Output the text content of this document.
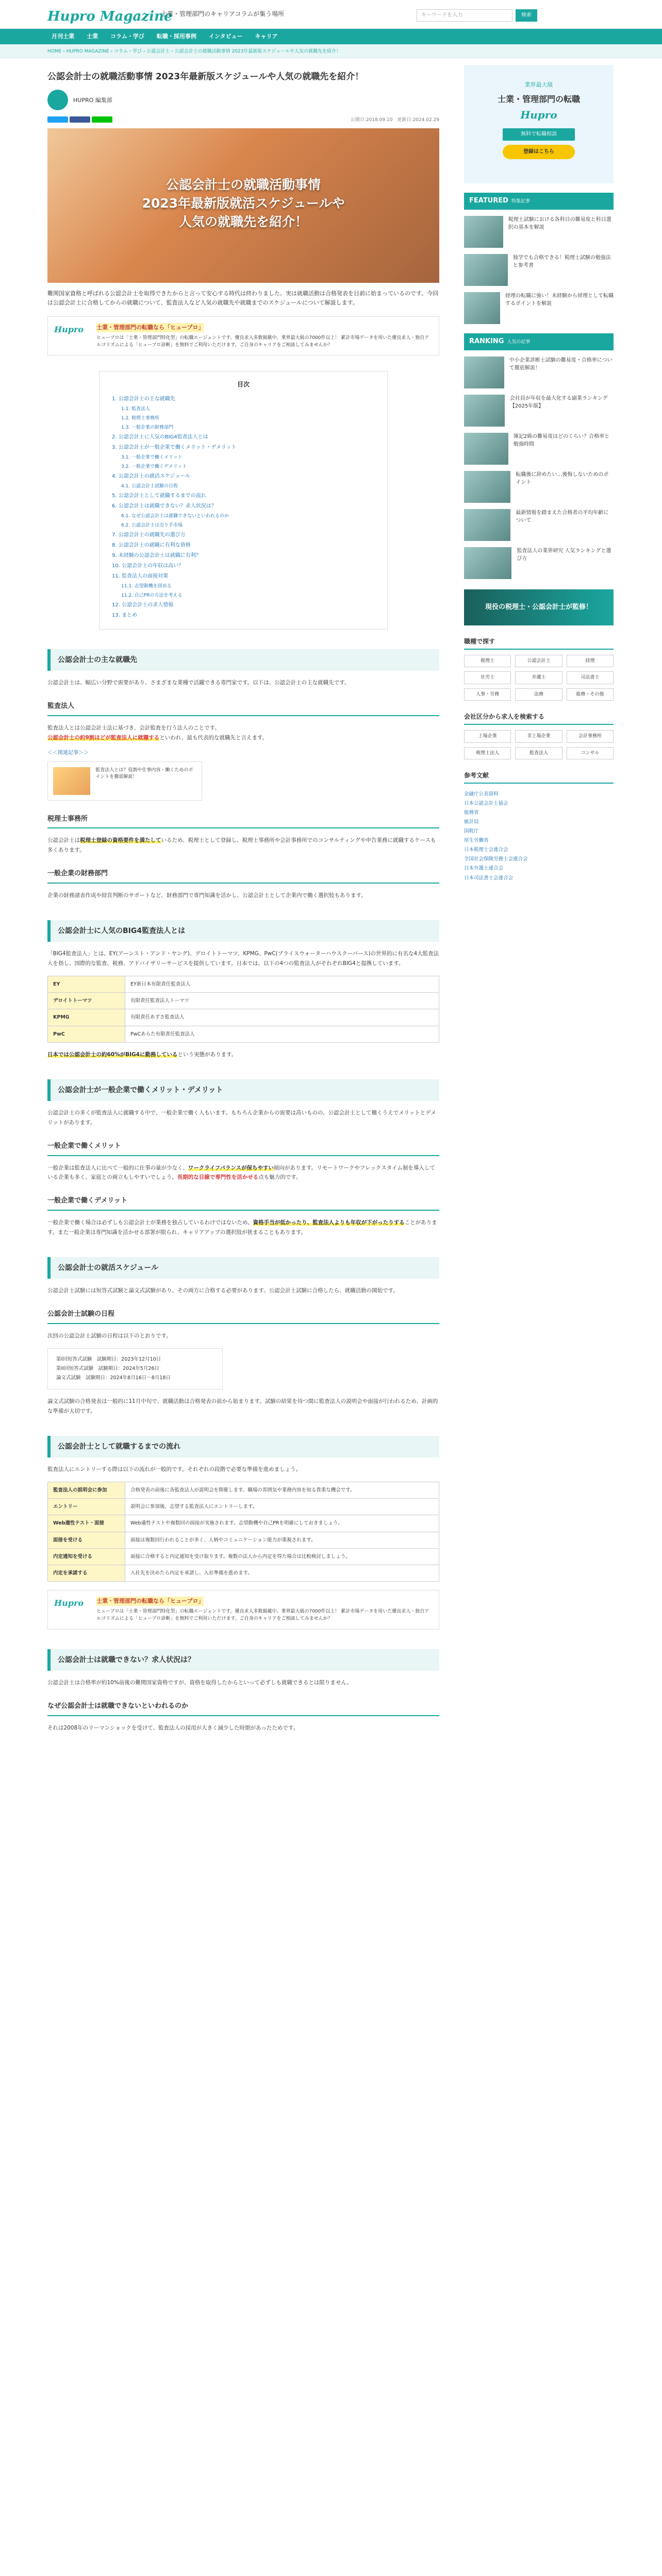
Hupro Magazine
士業・管理部門のキャリアコラムが集う場所	キーワードを入力	検索
月刊士業	士業	コラム・学び	転職・採用事例	インタビュー	キャリア
HOME › HUPRO MAGAZINE › コラム・学び › 公認会計士 › 公認会計士の就職活動事情 2023年最新版スケジュールや人気の就職先を紹介！
公認会計士の就職活動事情 2023年最新版スケジュールや人気の就職先を紹介！
HUPRO 編集部
公開日:2018.09.10　更新日:2024.02.29
公認会計士の就職活動事情
2023年最新版就活スケジュールや
人気の就職先を紹介！

難関国家資格と呼ばれる公認会計士を取得できたからと言って安心する時代は終わりました。実は就職活動は合格発表を目前に始まっているのです。今回は公認会計士に合格してからの就職について、監査法人など人気の就職先や就職までのスケジュールについて解説します。

Hupro	士業・管理部門の転職なら「ヒュープロ」
ヒュープロは「士業・管理部門特化型」の転職エージェントです。優良求人多数掲載中。業界最大級の7000件以上！ 累計市場データを用いた優良求人・独自アルゴリズムによる「ヒュープロ診断」を無料でご利用いただけます。ご自身のキャリアをご相談してみませんか？
目次
1. 公認会計士の主な就職先
1.1. 監査法人
1.2. 税理士事務所
1.3. 一般企業の財務部門
2. 公認会計士に人気のBIG4監査法人とは
3. 公認会計士が一般企業で働くメリット・デメリット
3.1. 一般企業で働くメリット
3.2. 一般企業で働くデメリット
4. 公認会計士の就活スケジュール
4.1. 公認会計士試験の日程
5. 公認会計士として就職するまでの流れ
6. 公認会計士は就職できない？求人状況は？
6.1. なぜ公認会計士は就職できないといわれるのか
6.2. 公認会計士は売り手市場
7. 公認会計士の就職先の選び方
8. 公認会計士の就職に有利な資格
9. 未経験の公認会計士は就職に有利？
10. 公認会計士の年収は高い？
11. 監査法人の面接対策
11.1. 志望動機を固める
11.2. 自己PRの方法を考える
12. 公認会計士の求人情報
13. まとめ
公認会計士の主な就職先

公認会計士は、幅広い分野で需要があり、さまざまな業種で活躍できる専門家です。以下は、公認会計士の主な就職先です。

監査法人

監査法人とは公認会計士法に基づき、会計監査を行う法人のことです。
公認会計士の約9割ほどが監査法人に就職するといわれ、最も代表的な就職先と言えます。

＜＜関連記事＞＞
監査法人とは？役割や仕事内容・働くためのポイントを徹底解説！
税理士事務所

公認会計士は税理士登録の資格要件を満たしているため、税理士として登録し、税理士事務所や会計事務所でのコンサルティングや申告業務に就職するケースも多くあります。

一般企業の財務部門

企業の財務諸表作成や経営判断のサポートなど、財務部門で専門知識を活かし、公認会計士として企業内で働く選択肢もあります。

公認会計士に人気のBIG4監査法人とは

「BIG4監査法人」とは、EY(アーンスト・アンド・ヤング)、デロイトトーマツ、KPMG、PwC(プライスウォーターハウスクーパース)の世界的に有名な4大監査法人を指し、国際的な監査、税務、アドバイザリーサービスを提供しています。日本では、以下の4つの監査法人がそれぞれBIG4と提携しています。

EY	EY新日本有限責任監査法人
デロイトトーマツ	有限責任監査法人トーマツ
KPMG	有限責任あずさ監査法人
PwC	PwCあらた有限責任監査法人

日本では公認会計士の約60%がBIG4に勤務しているという実態があります。

公認会計士が一般企業で働くメリット・デメリット

公認会計士の多くが監査法人に就職する中で、一般企業で働く人もいます。もちろん企業からの需要は高いものの、公認会計士として働くうえでメリットとデメリットがあります。

一般企業で働くメリット

一般企業は監査法人に比べて一般的に仕事の量が少なく、ワークライフバランスが保ちやすい傾向があります。リモートワークやフレックスタイム制を導入している企業も多く、家庭との両立もしやすいでしょう。長期的な目線で専門性を活かせる点も魅力的です。

一般企業で働くデメリット

一般企業で働く場合は必ずしも公認会計士が業務を独占しているわけではないため、資格手当が低かったり、監査法人よりも年収が下がったりすることがあります。また一般企業は専門知識を活かせる部署が限られ、キャリアアップの選択肢が狭まることもあります。

公認会計士の就活スケジュール

公認会計士試験には短答式試験と論文式試験があり、その両方に合格する必要があります。公認会計士試験に合格したら、就職活動の開始です。

公認会計士試験の日程

次回の公認会計士試験の日程は以下のとおりです。

第I回短答式試験　試験期日：2023年12月10日
第II回短答式試験　試験期日：2024年5月26日
論文式試験　試験期日：2024年8月16日〜8月18日

論文式試験の合格発表は一般的に11月中旬で、就職活動は合格発表の前から始まります。試験の結果を待つ間に監査法人の説明会や面接が行われるため、計画的な準備が大切です。

公認会計士として就職するまでの流れ

監査法人にエントリーする際は以下の流れが一般的です。それぞれの段階で必要な準備を進めましょう。

監査法人の説明会に参加	合格発表の前後に各監査法人が説明会を開催します。職場の雰囲気や業務内容を知る貴重な機会です。
エントリー	説明会に参加後、志望する監査法人にエントリーします。
Web適性テスト・面接	Web適性テストや複数回の面接が実施されます。志望動機や自己PRを明確にしておきましょう。
面接を受ける	面接は複数回行われることが多く、人柄やコミュニケーション能力が重視されます。
内定通知を受ける	面接に合格すると内定通知を受け取ります。複数の法人から内定を得た場合は比較検討しましょう。
内定を承諾する	入社先を決めたら内定を承諾し、入社準備を進めます。
Hupro	士業・管理部門の転職なら「ヒュープロ」
ヒュープロは「士業・管理部門特化型」の転職エージェントです。優良求人多数掲載中。業界最大級の7000件以上！ 累計市場データを用いた優良求人・独自アルゴリズムによる「ヒュープロ診断」を無料でご利用いただけます。ご自身のキャリアをご相談してみませんか？
公認会計士は就職できない？求人状況は？

公認会計士は合格率が約10%前後の難関国家資格ですが、資格を取得したからといって必ずしも就職できるとは限りません。

なぜ公認会計士は就職できないといわれるのか

それは2008年のリーマンショックを受けて、監査法人の採用が大きく減少した時期があったためです。

業界最大級
士業・管理部門の転職
Hupro
無料で転職相談
登録はこちら
FEATURED 特集記事
税理士試験における各科目の難易度と科目選択の基本を解説
独学でも合格できる！税理士試験の勉強法と参考書
経理の転職に強い！未経験から経理として転職するポイントを解説
RANKING 人気の記事
中小企業診断士試験の難易度・合格率について徹底解説！
会社員が年収を最大化する副業ランキング【2025年版】
簿記2級の難易度はどのくらい？合格率と勉強時間
転職後に辞めたい…後悔しないためのポイント
最新情報を踏まえた合格者の平均年齢について
監査法人の業界研究 人気ランキングと選び方
現役の税理士・公認会計士が監修！
職種で探す
税理士	公認会計士	経理
社労士	弁護士	司法書士
人事・労務	法務	総務・その他
会社区分から求人を検索する
上場企業	非上場企業	会計事務所
税理士法人	監査法人	コンサル
参考文献
金融庁公表資料
日本公認会計士協会
総務省
統計局
国税庁
厚生労働省
日本税理士会連合会
全国社会保険労務士会連合会
日本弁護士連合会
日本司法書士会連合会
